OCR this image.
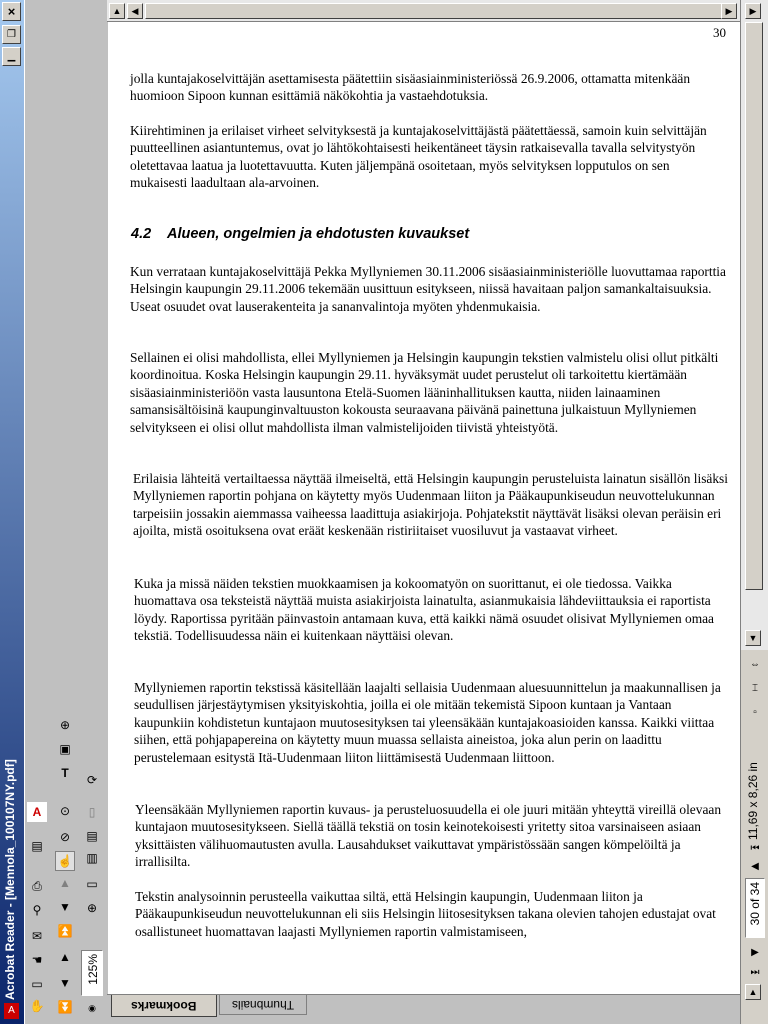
×
❐
▁
Acrobat Reader - [Mennola_100107NY.pdf]
A
A
▤
⎙
⚲
✉
☚
▭
✋
⊕
▣
T
⊙
⊘
☝
▲
▼
⏫
▲
▼
⏬
⟳
▯
▤
▥
▭
⊕
125%
◉
▲	◀	▶
30

jolla kuntajakoselvittäjän asettamisesta päätettiin sisäasiainministeriössä 26.9.2006, ottamatta mitenkään huomioon Sipoon kunnan esittämiä näkökohtia ja vastaehdotuksia.

Kiirehtiminen ja erilaiset virheet selvityksestä ja kuntajakoselvittäjästä päätettäessä, samoin kuin selvittäjän puutteellinen asiantuntemus, ovat jo lähtökohtaisesti heikentäneet täysin ratkaisevalla tavalla selvitystyön oletettavaa laatua ja luotettavuutta. Kuten jäljempänä osoitetaan, myös selvityksen lopputulos on sen mukaisesti laadultaan ala-arvoinen.

4.2 Alueen, ongelmien ja ehdotusten kuvaukset

Kun verrataan kuntajakoselvittäjä Pekka Myllyniemen 30.11.2006 sisäasiainministeriölle luovuttamaa raporttia Helsingin kaupungin 29.11.2006 tekemään uusittuun esitykseen, niissä havaitaan paljon samankaltaisuuksia. Useat osuudet ovat lauserakenteita ja sananvalintoja myöten yhdenmukaisia.

Sellainen ei olisi mahdollista, ellei Myllyniemen ja Helsingin kaupungin tekstien valmistelu olisi ollut pitkälti koordinoitua. Koska Helsingin kaupungin 29.11. hyväksymät uudet perustelut oli tarkoitettu kiertämään sisäasiainministeriöön vasta lausuntona Etelä-Suomen lääninhallituksen kautta, niiden lainaaminen samansisältöisinä kaupunginvaltuuston kokousta seuraavana päivänä painettuna julkaistuun Myllyniemen selvitykseen ei olisi ollut mahdollista ilman valmistelijoiden tiivistä yhteistyötä.

Erilaisia lähteitä vertailtaessa näyttää ilmeiseltä, että Helsingin kaupungin perusteluista lainatun sisällön lisäksi Myllyniemen raportin pohjana on käytetty myös Uudenmaan liiton ja Pääkaupunkiseudun neuvottelukunnan tarpeisiin jossakin aiemmassa vaiheessa laadittuja asiakirjoja. Pohjatekstit näyttävät lisäksi olevan peräisin eri ajoilta, mistä osoituksena ovat eräät keskenään ristiriitaiset vuosiluvut ja vastaavat virheet.

Kuka ja missä näiden tekstien muokkaamisen ja kokoomatyön on suorittanut, ei ole tiedossa. Vaikka huomattava osa teksteistä näyttää muista asiakirjoista lainatulta, asianmukaisia lähdeviittauksia ei raportista löydy. Raportissa pyritään päinvastoin antamaan kuva, että kaikki nämä osuudet olisivat Myllyniemen omaa tekstiä. Todellisuudessa näin ei kuitenkaan näyttäisi olevan.

Myllyniemen raportin tekstissä käsitellään laajalti sellaisia Uudenmaan aluesuunnittelun ja maakunnallisen ja seudullisen järjestäytymisen yksityiskohtia, joilla ei ole mitään tekemistä Sipoon kuntaan ja Vantaan kaupunkiin kohdistetun kuntajaon muutosesityksen tai yleensäkään kuntajakoasioiden kanssa. Kaikki viittaa siihen, että pohjapapereina on käytetty muun muassa sellaista aineistoa, joka alun perin on laadittu perustelemaan esitystä Itä-Uudenmaan liiton liittämisestä Uudenmaan liittoon.

Yleensäkään Myllyniemen raportin kuvaus- ja perusteluosuudella ei ole juuri mitään yhteyttä vireillä olevaan kuntajaon muutosesitykseen. Siellä täällä tekstiä on tosin keinotekoisesti yritetty sitoa varsinaiseen asiaan yksittäisten välihuomautusten avulla. Lausahdukset vaikuttavat ympäristössään sangen kömpelöiltä ja irrallisilta.

Tekstin analysoinnin perusteella vaikuttaa siltä, että Helsingin kaupungin, Uudenmaan liiton ja Pääkaupunkiseudun neuvottelukunnan eli siis Helsingin liitosesityksen takana olevien tahojen edustajat ovat osallistuneet huomattavan laajasti Myllyniemen raportin valmistamiseen,

▶
▼
⇔
⌶
▫
11,69 x 8,26 in
⏮
◀
30 of 34
▶
⏭
▲
Bookmarks	Thumbnails
